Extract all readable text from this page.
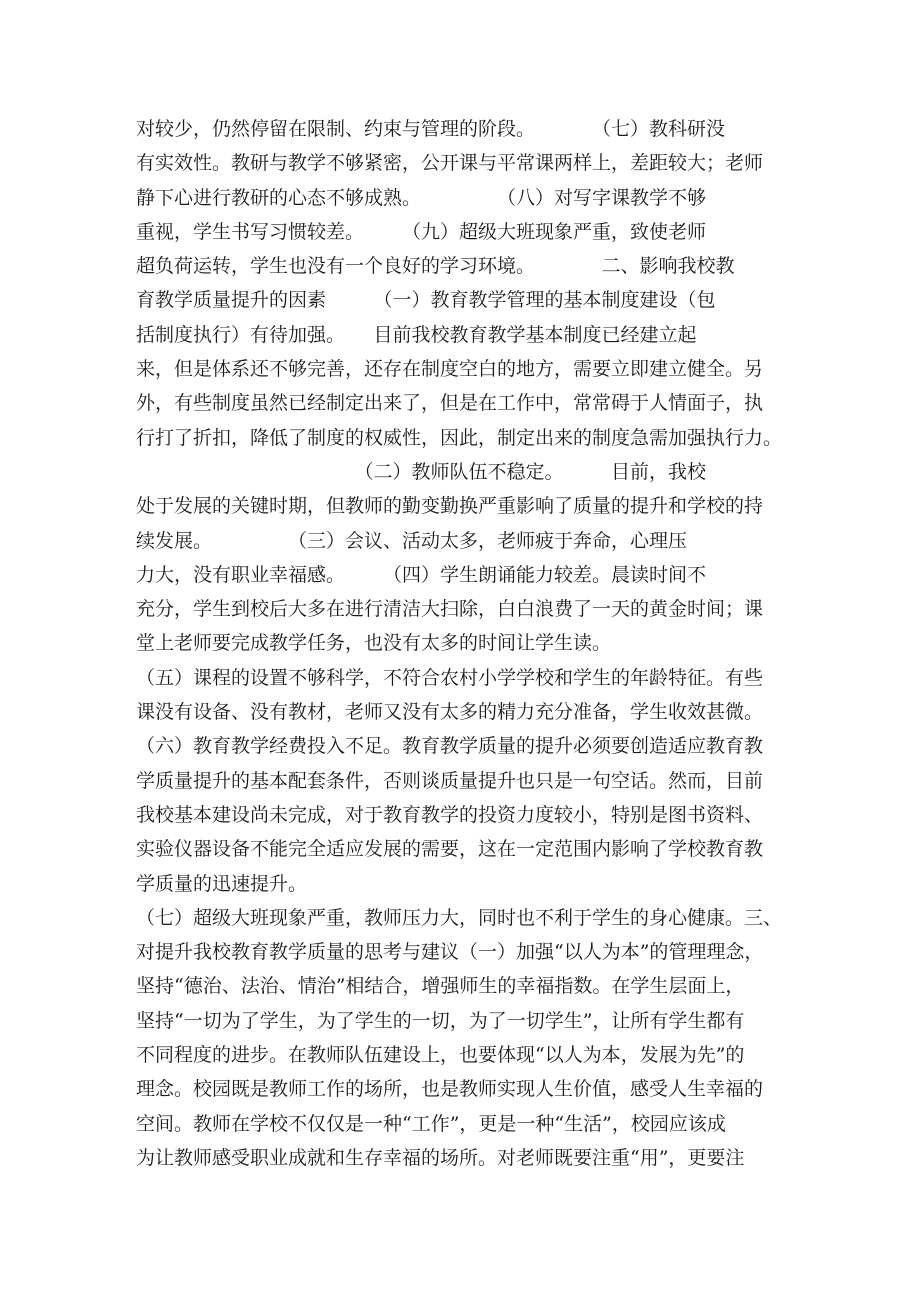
对较少，仍然停留在限制、约束与管理的阶段。　　　　（七）教科研没
有实效性。教研与教学不够紧密，公开课与平常课两样上，差距较大；老师
静下心进行教研的心态不够成熟。　　　　　（八）对写字课教学不够
重视，学生书写习惯较差。　　　（九）超级大班现象严重，致使老师
超负荷运转，学生也没有一个良好的学习环境。　　　　二、影响我校教
育教学质量提升的因素　　　（一）教育教学管理的基本制度建设（包
括制度执行）有待加强。　　目前我校教育教学基本制度已经建立起
来，但是体系还不够完善，还存在制度空白的地方，需要立即建立健全。另
外，有些制度虽然已经制定出来了，但是在工作中，常常碍于人情面子，执
行打了折扣，降低了制度的权威性，因此，制定出来的制度急需加强执行力。
　　　　　　　　　　　　（二）教师队伍不稳定。　　　目前，我校
处于发展的关键时期，但教师的勤变勤换严重影响了质量的提升和学校的持
续发展。　　　　　（三）会议、活动太多，老师疲于奔命，心理压
力大，没有职业幸福感。　　　（四）学生朗诵能力较差。晨读时间不
充分，学生到校后大多在进行清洁大扫除，白白浪费了一天的黄金时间；课
堂上老师要完成教学任务，也没有太多的时间让学生读。
（五）课程的设置不够科学，不符合农村小学学校和学生的年龄特征。有些
课没有设备、没有教材，老师又没有太多的精力充分准备，学生收效甚微。
（六）教育教学经费投入不足。教育教学质量的提升必须要创造适应教育教
学质量提升的基本配套条件，否则谈质量提升也只是一句空话。然而，目前
我校基本建设尚未完成，对于教育教学的投资力度较小，特别是图书资料、
实验仪器设备不能完全适应发展的需要，这在一定范围内影响了学校教育教
学质量的迅速提升。
（七）超级大班现象严重，教师压力大，同时也不利于学生的身心健康。三、
对提升我校教育教学质量的思考与建议（一）加强“以人为本”的管理理念，
坚持“德治、法治、情治”相结合，增强师生的幸福指数。在学生层面上，
坚持“一切为了学生，为了学生的一切，为了一切学生”，让所有学生都有
不同程度的进步。在教师队伍建设上，也要体现“以人为本，发展为先”的
理念。校园既是教师工作的场所，也是教师实现人生价值，感受人生幸福的
空间。教师在学校不仅仅是一种“工作”，更是一种“生活”，校园应该成
为让教师感受职业成就和生存幸福的场所。对老师既要注重“用”，更要注
